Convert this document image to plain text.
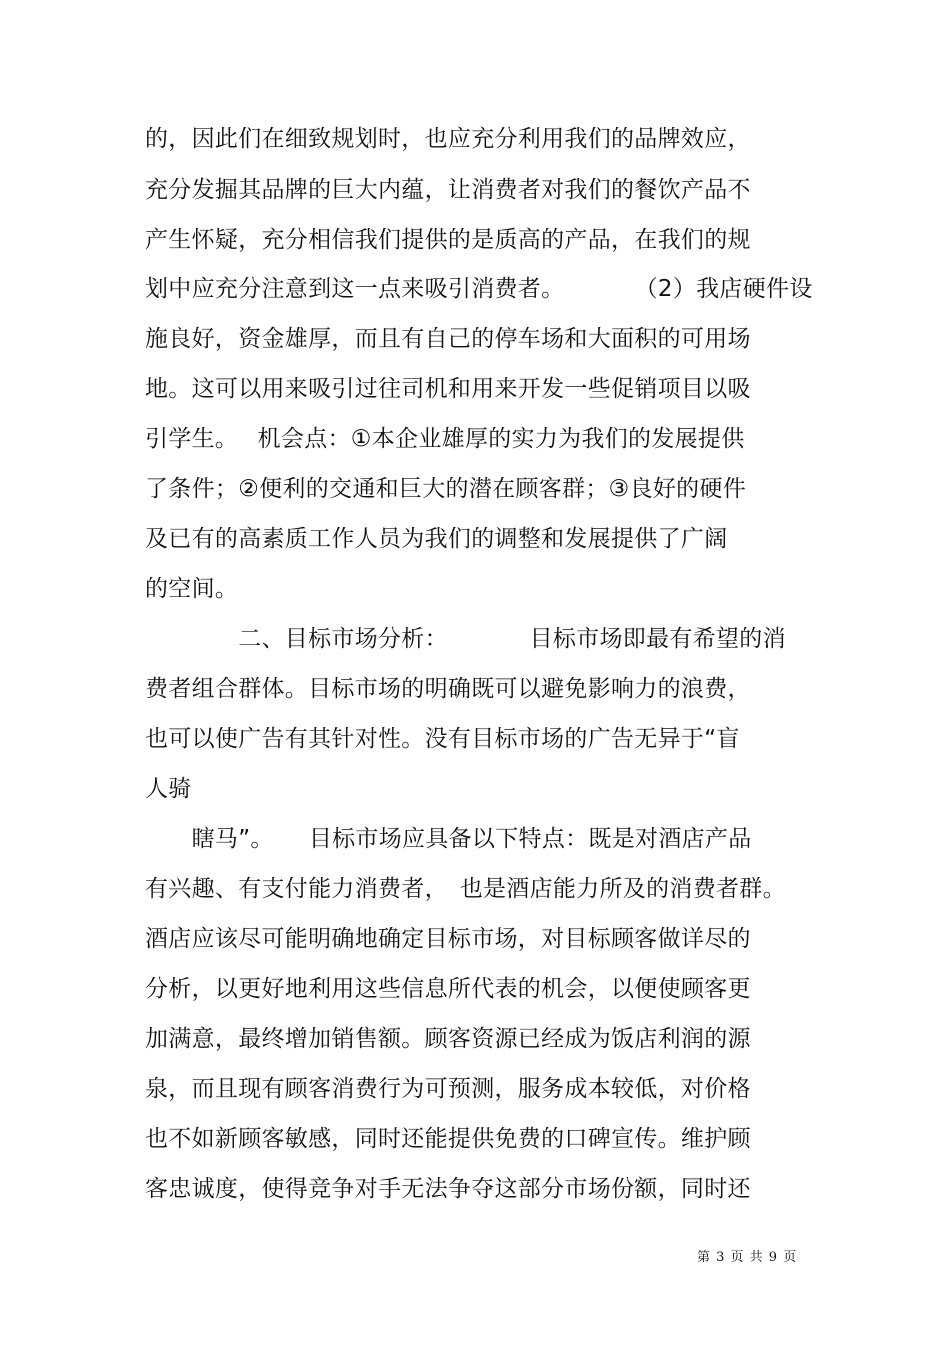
的，因此们在细致规划时，也应充分利用我们的品牌效应，
充分发掘其品牌的巨大内蕴，让消费者对我们的餐饮产品不
产生怀疑，充分相信我们提供的是质高的产品，在我们的规
划中应充分注意到这一点来吸引消费者。　　　　（2）我店硬件设
施良好，资金雄厚，而且有自己的停车场和大面积的可用场
地。这可以用来吸引过往司机和用来开发一些促销项目以吸
引学生。　 机会点：①本企业雄厚的实力为我们的发展提供
了条件；②便利的交通和巨大的潜在顾客群；③良好的硬件
及已有的高素质工作人员为我们的调整和发展提供了广阔
的空间。
　　　　二、目标市场分析：　　　　目标市场即最有希望的消
费者组合群体。目标市场的明确既可以避免影响力的浪费，
也可以使广告有其针对性。没有目标市场的广告无异于“盲
人骑
　　瞎马”。　　目标市场应具备以下特点：既是对酒店产品
有兴趣、有支付能力消费者，　也是酒店能力所及的消费者群。
酒店应该尽可能明确地确定目标市场，对目标顾客做详尽的
分析，以更好地利用这些信息所代表的机会，以便使顾客更
加满意，最终增加销售额。顾客资源已经成为饭店利润的源
泉，而且现有顾客消费行为可预测，服务成本较低，对价格
也不如新顾客敏感，同时还能提供免费的口碑宣传。维护顾
客忠诚度，使得竞争对手无法争夺这部分市场份额，同时还
第 3 页 共 9 页
